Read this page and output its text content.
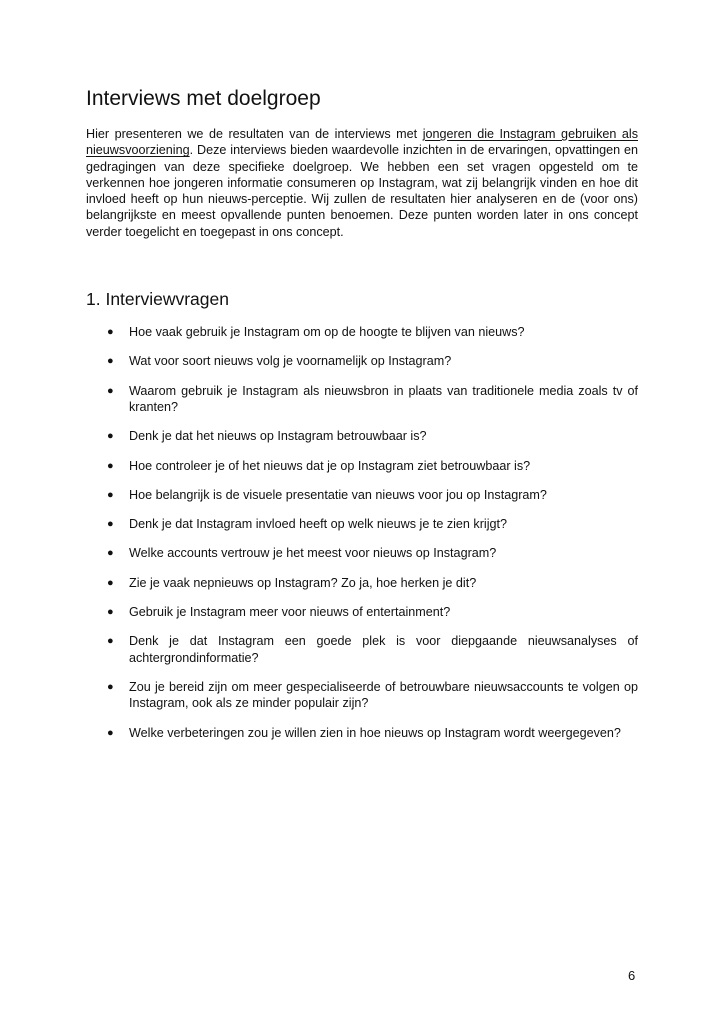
Interviews met doelgroep

Hier presenteren we de resultaten van de interviews met jongeren die Instagram gebruiken als nieuwsvoorziening. Deze interviews bieden waardevolle inzichten in de ervaringen, opvattingen en gedragingen van deze specifieke doelgroep. We hebben een set vragen opgesteld om te verkennen hoe jongeren informatie consumeren op Instagram, wat zij belangrijk vinden en hoe dit invloed heeft op hun nieuws-perceptie. Wij zullen de resultaten hier analyseren en de (voor ons) belangrijkste en meest opvallende punten benoemen. Deze punten worden later in ons concept verder toegelicht en toegepast in ons concept.

1. Interviewvragen
● Hoe vaak gebruik je Instagram om op de hoogte te blijven van nieuws?
● Wat voor soort nieuws volg je voornamelijk op Instagram?
● Waarom gebruik je Instagram als nieuwsbron in plaats van traditionele media zoals tv of kranten?
● Denk je dat het nieuws op Instagram betrouwbaar is?
● Hoe controleer je of het nieuws dat je op Instagram ziet betrouwbaar is?
● Hoe belangrijk is de visuele presentatie van nieuws voor jou op Instagram?
● Denk je dat Instagram invloed heeft op welk nieuws je te zien krijgt?
● Welke accounts vertrouw je het meest voor nieuws op Instagram?
● Zie je vaak nepnieuws op Instagram? Zo ja, hoe herken je dit?
● Gebruik je Instagram meer voor nieuws of entertainment?
● Denk je dat Instagram een goede plek is voor diepgaande nieuwsanalyses of achtergrondinformatie?
● Zou je bereid zijn om meer gespecialiseerde of betrouwbare nieuwsaccounts te volgen op Instagram, ook als ze minder populair zijn?
● Welke verbeteringen zou je willen zien in hoe nieuws op Instagram wordt weergegeven?
6
